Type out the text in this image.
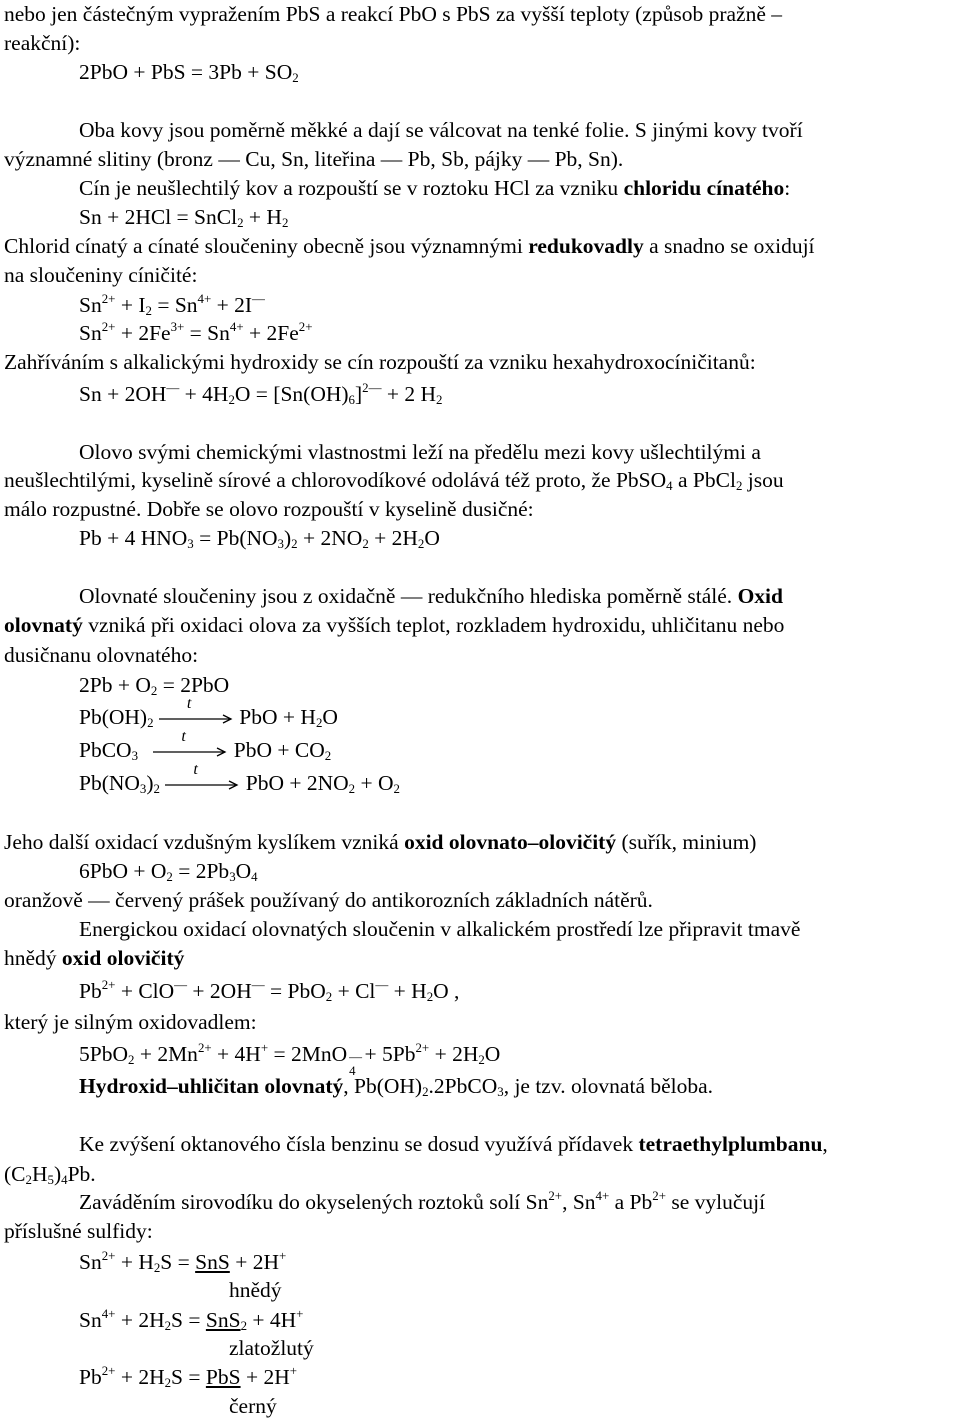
nebo jen částečným vypražením PbS a reakcí PbO s PbS za vyšší teploty (způsob pražně –
reakční):
2PbO + PbS = $3Pb + SO_2$
Oba kovy jsou poměrně měkké a dají se válcovat na tenké folie. S jinými kovy tvoří
významné slitiny (bronz — Cu, Sn, liteřina — Pb, Sb, pájky — Pb, Sn).
Cín je neušlechtilý kov a rozpouští se v roztoku HCl za vzniku chloridu cínatého:
Sn + 2HCl = SnCl$_2$ + $H_2$
Chlorid cínatý a cínaté sloučeniny obecně jsou významnými redukovadly a snadno se oxidují
na sloučeniny cíničité:
$Sn^{2+} + I_2 = Sn^{4+} + 2I^—$
$Sn^{2+} + 2Fe^{3+} = Sn^{4+} + 2Fe^{2+}$
Zahříváním s alkalickými hydroxidy se cín rozpouští za vzniku hexahydroxocíničitanů:
$Sn + 2OH^— + 4H_2O = [Sn(OH)_6]^{2—} + 2$ $H_2$
Olovo svými chemickými vlastnostmi leží na předělu mezi kovy ušlechtilými a
neušlechtilými, kyselině sírové a chlorovodíkové odolává též proto, že PbSO$_4$ a PbCl$_2$ jsou
málo rozpustné. Dobře se olovo rozpouští v kyselině dusičné:
Pb + 4 $HNO_3 = Pb(NO_3)_2 + 2NO_2 + 2H_2O$
Olovnaté sloučeniny jsou z oxidačně — redukčního hlediska poměrně stálé. Oxid
olovnatý vzniká při oxidaci olova za vyšších teplot, rozkladem hydroxidu, uhličitanu nebo
dusičnanu olovnatého:
$2Pb + O_2 = 2PbO$
$Pb(OH)_2$
t
PbO + $H_2O$
PbCO$_3$
t
PbO + $CO_2$
$Pb(NO_3)_2$
t
PbO + $2NO_2 + O_2$
Jeho další oxidací vzdušným kyslíkem vzniká oxid olovnato–olovičitý (suřík, minium)
$6PbO + O_2 = 2Pb_3O_4$
oranžově — červený prášek používaný do antikorozních základních nátěrů.
Energickou oxidací olovnatých sloučenin v alkalickém prostředí lze připravit tmavě
hnědý oxid olovičitý
$Pb^{2+} + ClO^— + 2OH^— = PbO_2 + Cl^— + H_2O$ ,
který je silným oxidovadlem:
$5PbO_2 + 2Mn^{2+} + 4H^+ = 2MnO$ —
4
+ $5Pb^{2+} + 2H_2O$
Hydroxid–uhličitan olovnatý, $Pb(OH)_2.2PbCO_3$, je tzv. olovnatá běloba.
Ke zvýšení oktanového čísla benzinu se dosud využívá přídavek tetraethylplumbanu,
$(C_2H_5)_4Pb$.
Zaváděním sirovodíku do okyselených roztoků solí $Sn^{2+}$, $Sn^{4+}$ a $Pb^{2+}$ se vylučují
příslušné sulfidy:
$Sn^{2+} + H_2S$ = SnS + 2H+
hnědý
$Sn^{4+} + 2H_2S = SnS_2 + 4H^+$
zlatožlutý
$Pb^{2+} + 2H_2S$ = PbS + 2H+
černý
